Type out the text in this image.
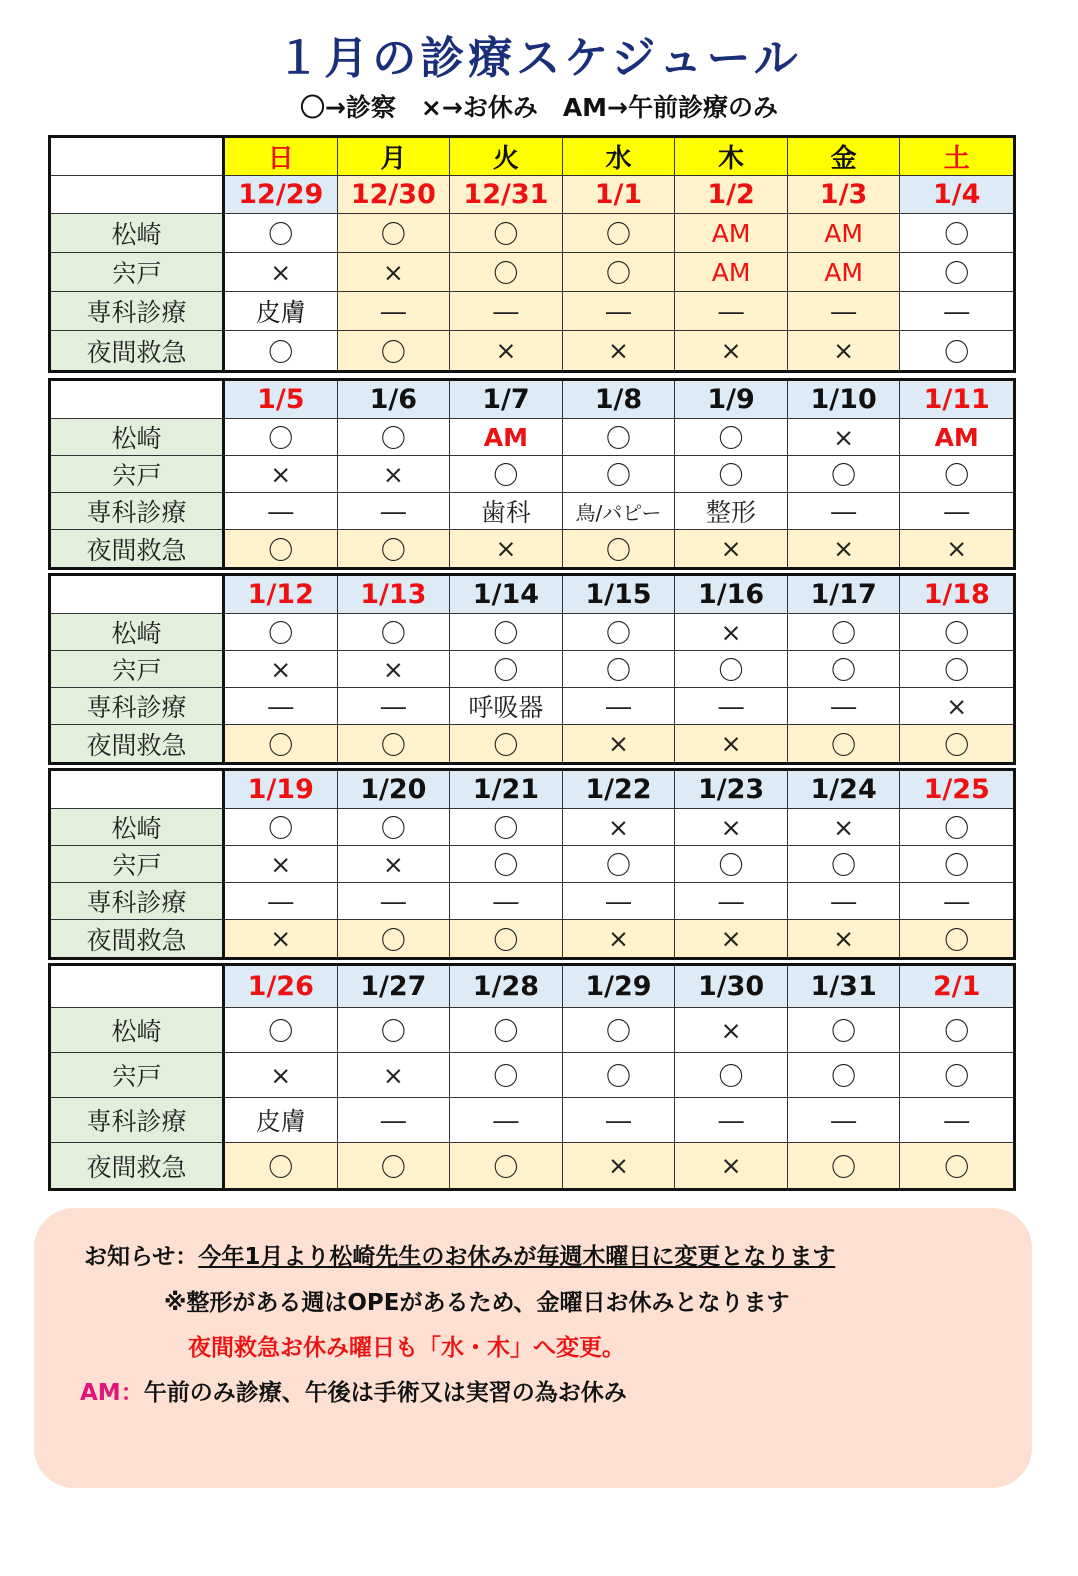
１月の診療スケジュール
〇→診察　×→お休み　AM→午前診療のみ
日	月	火	水	木	金	土
12/29	12/30	12/31	1/1	1/2	1/3	1/4
松崎	〇	〇	〇	〇	AM	AM	〇
宍戸	×	×	〇	〇	AM	AM	〇
専科診療	皮膚	―	―	―	―	―	―
夜間救急	〇	〇	×	×	×	×	〇
1/5	1/6	1/7	1/8	1/9	1/10	1/11
松崎	〇	〇	AM	〇	〇	×	AM
宍戸	×	×	〇	〇	〇	〇	〇
専科診療	―	―	歯科	鳥/パピー	整形	―	―
夜間救急	〇	〇	×	〇	×	×	×
1/12	1/13	1/14	1/15	1/16	1/17	1/18
松崎	〇	〇	〇	〇	×	〇	〇
宍戸	×	×	〇	〇	〇	〇	〇
専科診療	―	―	呼吸器	―	―	―	×
夜間救急	〇	〇	〇	×	×	〇	〇
1/19	1/20	1/21	1/22	1/23	1/24	1/25
松崎	〇	〇	〇	×	×	×	〇
宍戸	×	×	〇	〇	〇	〇	〇
専科診療	―	―	―	―	―	―	―
夜間救急	×	〇	〇	×	×	×	〇
1/26	1/27	1/28	1/29	1/30	1/31	2/1
松崎	〇	〇	〇	〇	×	〇	〇
宍戸	×	×	〇	〇	〇	〇	〇
専科診療	皮膚	―	―	―	―	―	―
夜間救急	〇	〇	〇	×	×	〇	〇
お知らせ：今年1月より松崎先生のお休みが毎週木曜日に変更となります
※整形がある週はOPEがあるため、金曜日お休みとなります
夜間救急お休み曜日も「水・木」へ変更。
AM：午前のみ診療、午後は手術又は実習の為お休み
